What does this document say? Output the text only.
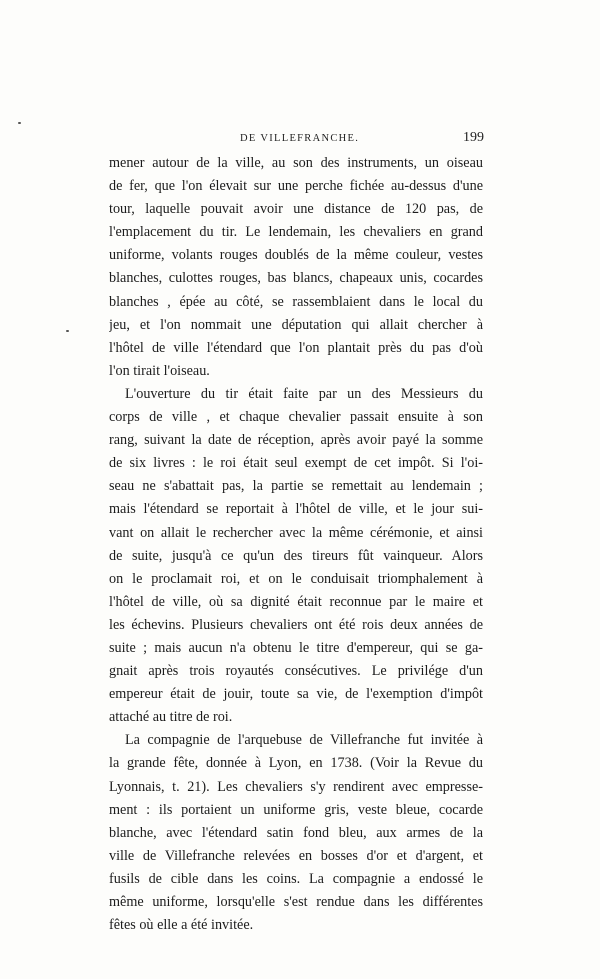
DE VILLEFRANCHE.	199
mener autour de la ville, au son des instruments, un oiseau
de fer, que l'on élevait sur une perche fichée au-dessus d'une
tour, laquelle pouvait avoir une distance de 120 pas, de
l'emplacement du tir. Le lendemain, les chevaliers en grand
uniforme, volants rouges doublés de la même couleur, vestes
blanches, culottes rouges, bas blancs, chapeaux unis, cocardes
blanches , épée au côté, se rassemblaient dans le local du
jeu, et l'on nommait une députation qui allait chercher à
l'hôtel de ville l'étendard que l'on plantait près du pas d'où
l'on tirait l'oiseau.
L'ouverture du tir était faite par un des Messieurs du
corps de ville , et chaque chevalier passait ensuite à son
rang, suivant la date de réception, après avoir payé la somme
de six livres : le roi était seul exempt de cet impôt. Si l'oi-
seau ne s'abattait pas, la partie se remettait au lendemain ;
mais l'étendard se reportait à l'hôtel de ville, et le jour sui-
vant on allait le rechercher avec la même cérémonie, et ainsi
de suite, jusqu'à ce qu'un des tireurs fût vainqueur. Alors
on le proclamait roi, et on le conduisait triomphalement à
l'hôtel de ville, où sa dignité était reconnue par le maire et
les échevins. Plusieurs chevaliers ont été rois deux années de
suite ; mais aucun n'a obtenu le titre d'empereur, qui se ga-
gnait après trois royautés consécutives. Le privilége d'un
empereur était de jouir, toute sa vie, de l'exemption d'impôt
attaché au titre de roi.
La compagnie de l'arquebuse de Villefranche fut invitée à
la grande fête, donnée à Lyon, en 1738. (Voir la Revue du
Lyonnais, t. 21). Les chevaliers s'y rendirent avec empresse-
ment : ils portaient un uniforme gris, veste bleue, cocarde
blanche, avec l'étendard satin fond bleu, aux armes de la
ville de Villefranche relevées en bosses d'or et d'argent, et
fusils de cible dans les coins. La compagnie a endossé le
même uniforme, lorsqu'elle s'est rendue dans les différentes
fêtes où elle a été invitée.
